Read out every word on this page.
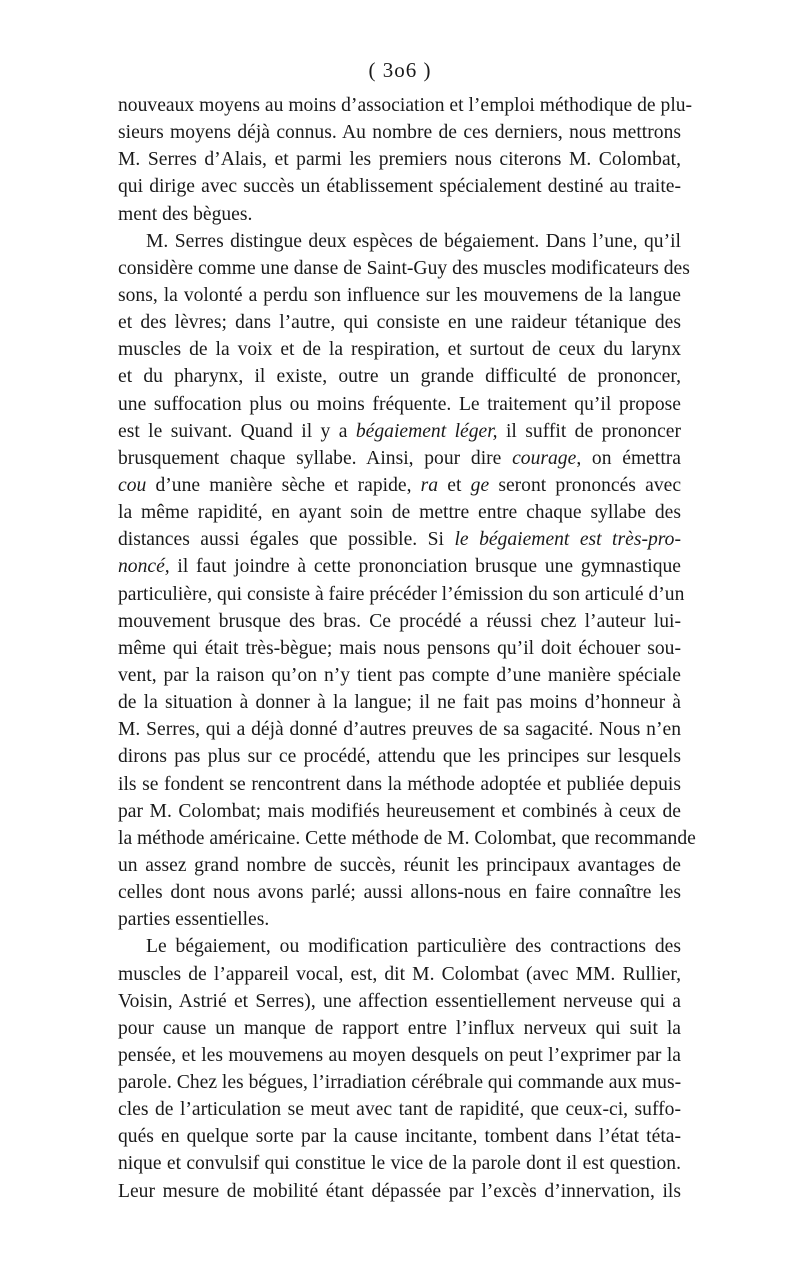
( 3o6 )
nouveaux moyens au moins d’association et l’emploi méthodique de plu-
sieurs moyens déjà connus. Au nombre de ces derniers, nous mettrons
M. Serres d’Alais, et parmi les premiers nous citerons M. Colombat,
qui dirige avec succès un établissement spécialement destiné au traite-
ment des bègues.
M. Serres distingue deux espèces de bégaiement. Dans l’une, qu’il
considère comme une danse de Saint-Guy des muscles modificateurs des
sons, la volonté a perdu son influence sur les mouvemens de la langue
et des lèvres; dans l’autre, qui consiste en une raideur tétanique des
muscles de la voix et de la respiration, et surtout de ceux du larynx
et du pharynx, il existe, outre un grande difficulté de prononcer,
une suffocation plus ou moins fréquente. Le traitement qu’il propose
est le suivant. Quand il y a bégaiement léger, il suffit de prononcer
brusquement chaque syllabe. Ainsi, pour dire courage, on émettra
cou d’une manière sèche et rapide, ra et ge seront prononcés avec
la même rapidité, en ayant soin de mettre entre chaque syllabe des
distances aussi égales que possible. Si le bégaiement est très-pro-
noncé, il faut joindre à cette prononciation brusque une gymnastique
particulière, qui consiste à faire précéder l’émission du son articulé d’un
mouvement brusque des bras. Ce procédé a réussi chez l’auteur lui-
même qui était très-bègue; mais nous pensons qu’il doit échouer sou-
vent, par la raison qu’on n’y tient pas compte d’une manière spéciale
de la situation à donner à la langue; il ne fait pas moins d’honneur à
M. Serres, qui a déjà donné d’autres preuves de sa sagacité. Nous n’en
dirons pas plus sur ce procédé, attendu que les principes sur lesquels
ils se fondent se rencontrent dans la méthode adoptée et publiée depuis
par M. Colombat; mais modifiés heureusement et combinés à ceux de
la méthode américaine. Cette méthode de M. Colombat, que recommande
un assez grand nombre de succès, réunit les principaux avantages de
celles dont nous avons parlé; aussi allons-nous en faire connaître les
parties essentielles.
Le bégaiement, ou modification particulière des contractions des
muscles de l’appareil vocal, est, dit M. Colombat (avec MM. Rullier,
Voisin, Astrié et Serres), une affection essentiellement nerveuse qui a
pour cause un manque de rapport entre l’influx nerveux qui suit la
pensée, et les mouvemens au moyen desquels on peut l’exprimer par la
parole. Chez les bégues, l’irradiation cérébrale qui commande aux mus-
cles de l’articulation se meut avec tant de rapidité, que ceux-ci, suffo-
qués en quelque sorte par la cause incitante, tombent dans l’état téta-
nique et convulsif qui constitue le vice de la parole dont il est question.
Leur mesure de mobilité étant dépassée par l’excès d’innervation, ils
